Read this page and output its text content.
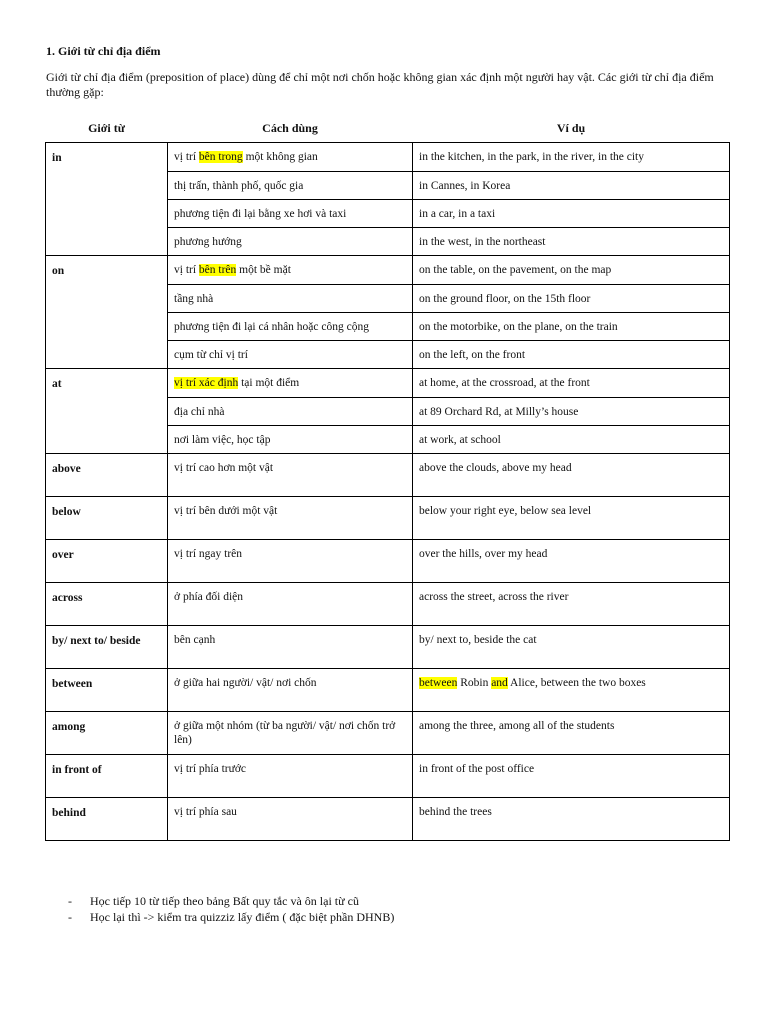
1. Giới từ chỉ địa điểm
Giới từ chỉ địa điểm (preposition of place) dùng để chỉ một nơi chốn hoặc không gian xác định một người hay vật. Các giới từ chỉ địa điểm thường gặp:
Giới từ	Cách dùng	Ví dụ
in	vị trí bên trong một không gian	in the kitchen, in the park, in the river, in the city
	thị trấn, thành phố, quốc gia	in Cannes, in Korea
	phương tiện đi lại bằng xe hơi và taxi	in a car, in a taxi
	phương hướng	in the west, in the northeast
on	vị trí bên trên một bề mặt	on the table, on the pavement, on the map
	tầng nhà	on the ground floor, on the 15th floor
	phương tiện đi lại cá nhân hoặc công cộng	on the motorbike, on the plane, on the train
	cụm từ chỉ vị trí	on the left, on the front
at	vị trí xác định tại một điểm	at home, at the crossroad, at the front
	địa chỉ nhà	at 89 Orchard Rd, at Milly’s house
	nơi làm việc, học tập	at work, at school
above	vị trí cao hơn một vật	above the clouds, above my head
below	vị trí bên dưới một vật	below your right eye, below sea level
over	vị trí ngay trên	over the hills, over my head
across	ở phía đối diện	across the street, across the river
by/ next to/ beside	bên cạnh	by/ next to, beside the cat
between	ở giữa hai người/ vật/ nơi chốn	between Robin and Alice, between the two boxes
among	ở giữa một nhóm (từ ba người/ vật/ nơi chốn trở lên)	among the three, among all of the students
in front of	vị trí phía trước	in front of the post office
behind	vị trí phía sau	behind the trees
- Học tiếp 10 từ tiếp theo bảng Bất quy tắc và ôn lại từ cũ
- Học lại thì -> kiểm tra quizziz lấy điểm ( đặc biệt phần DHNB)
